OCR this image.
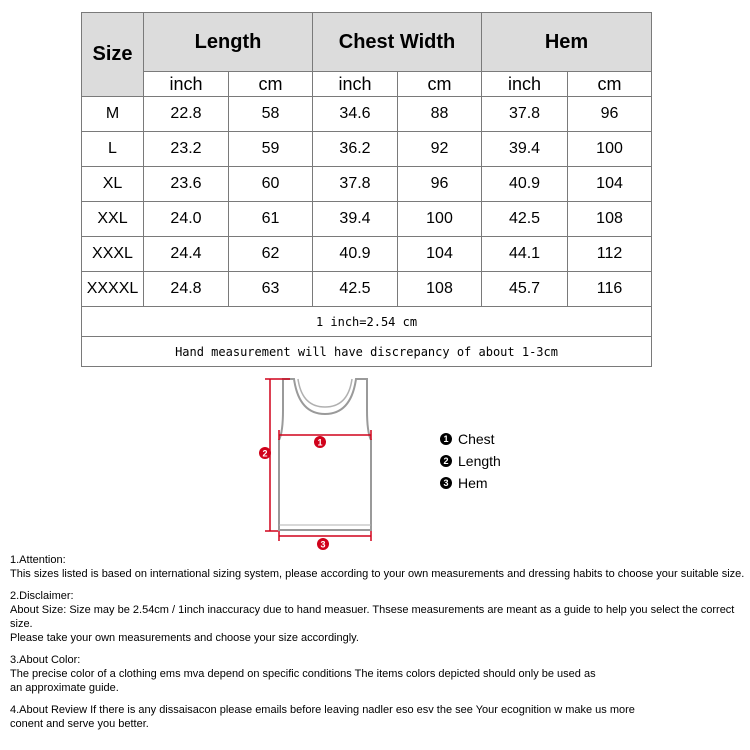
Size	Length		Chest Width		Hem	
	inch	cm	inch	cm	inch	cm
M	22.8	58	34.6	88	37.8	96
L	23.2	59	36.2	92	39.4	100
XL	23.6	60	37.8	96	40.9	104
XXL	24.0	61	39.4	100	42.5	108
XXXL	24.4	62	40.9	104	44.1	112
XXXXL	24.8	63	42.5	108	45.7	116
1 inch=2.54 cm						
Hand measurement will have discrepancy of about 1-3cm						
1
2
3
1 Chest
2 Length
3 Hem

1.Attention:

This sizes listed is based on international sizing system, please according to your own measurements and dressing habits to choose your suitable size.

2.Disclaimer:

About Size: Size may be 2.54cm / 1inch inaccuracy due to hand measuer. Thsese measurements are meant as a guide to help you select the correct size.

Please take your own measurements and choose your size accordingly.

3.About Color:

The precise color of a clothing ems mva depend on specific conditions The items colors depicted should only be used as

an approximate guide.

4.About Review If there is any dissaisacon please emails before leaving nadler eso esv the see Your ecognition w make us more

conent and serve you better.
